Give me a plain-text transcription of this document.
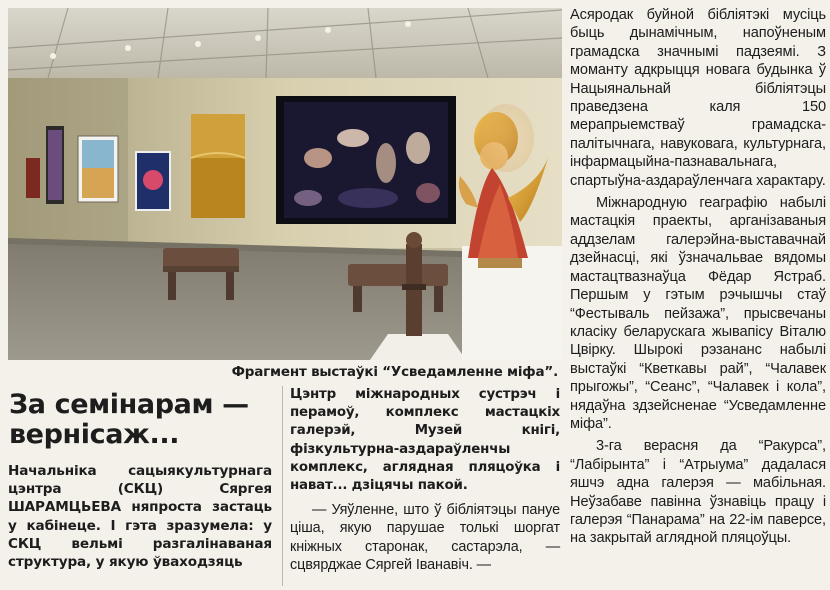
Фрагмент выстаўкі “Усведамленне міфа”.

Асяродак буйной бібліятэкі мусіць быць дынамічным, напоўненым грамадска значнымі падзеямі. З моманту адкрыцця новага будынка ў Нацыянальнай бібліятэцы праведзена каля 150 мерапрыемстваў грамадска-палітычнага, навуковага, культурнага, інфармацыйна-пазнавальнага, спартыўна-аздараўленчага характару.

Міжнародную геаграфію набылі мастацкія праекты, арганізаваныя аддзелам галерэйна-выставачнай дзейнасці, які ўзначальвае вядомы мастацтвазнаўца Фёдар Ястраб. Першым у гэтым рэчышчы стаў “Фестываль пейзажа”, прысвечаны класіку беларускага жывапісу Віталю Цвірку. Шырокі рэзананс набылі выстаўкі “Кветкавы рай”, “Чалавек прыгожы”, “Сеанс”, “Чалавек і кола”, нядаўна здзейсненае “Усведамленне міфа”.

3-га верасня да “Ракурса”, “Лабірынта” і “Атрыума” дадалася яшчэ адна галерэя — мабільная. Неўзабаве павінна ўзнавіць працу і галерэя “Панарама” на 22-ім паверсе, на закрытай аглядной пляцоўцы.

За семінарам — вернісаж...
Начальніка сацыякультурнага цэнтра (СКЦ) Сяргея ШАРАМЦЬЕВА няпроста застаць у кабінеце. І гэта зразумела: у СКЦ вельмі разгалінаваная структура, у якую ўваходзяць

Цэнтр міжнародных сустрэч і перамоў, комплекс мастацкіх галерэй, Музей кнігі, фізкультурна-аздараўленчы комплекс, аглядная пляцоўка і нават... дзіцячы пакой.

— Уяўленне, што ў бібліятэцы пануе ціша, якую парушае толькі шоргат кніжных старонак, састарэла, — сцвярджае Сяргей Іванавіч. —
